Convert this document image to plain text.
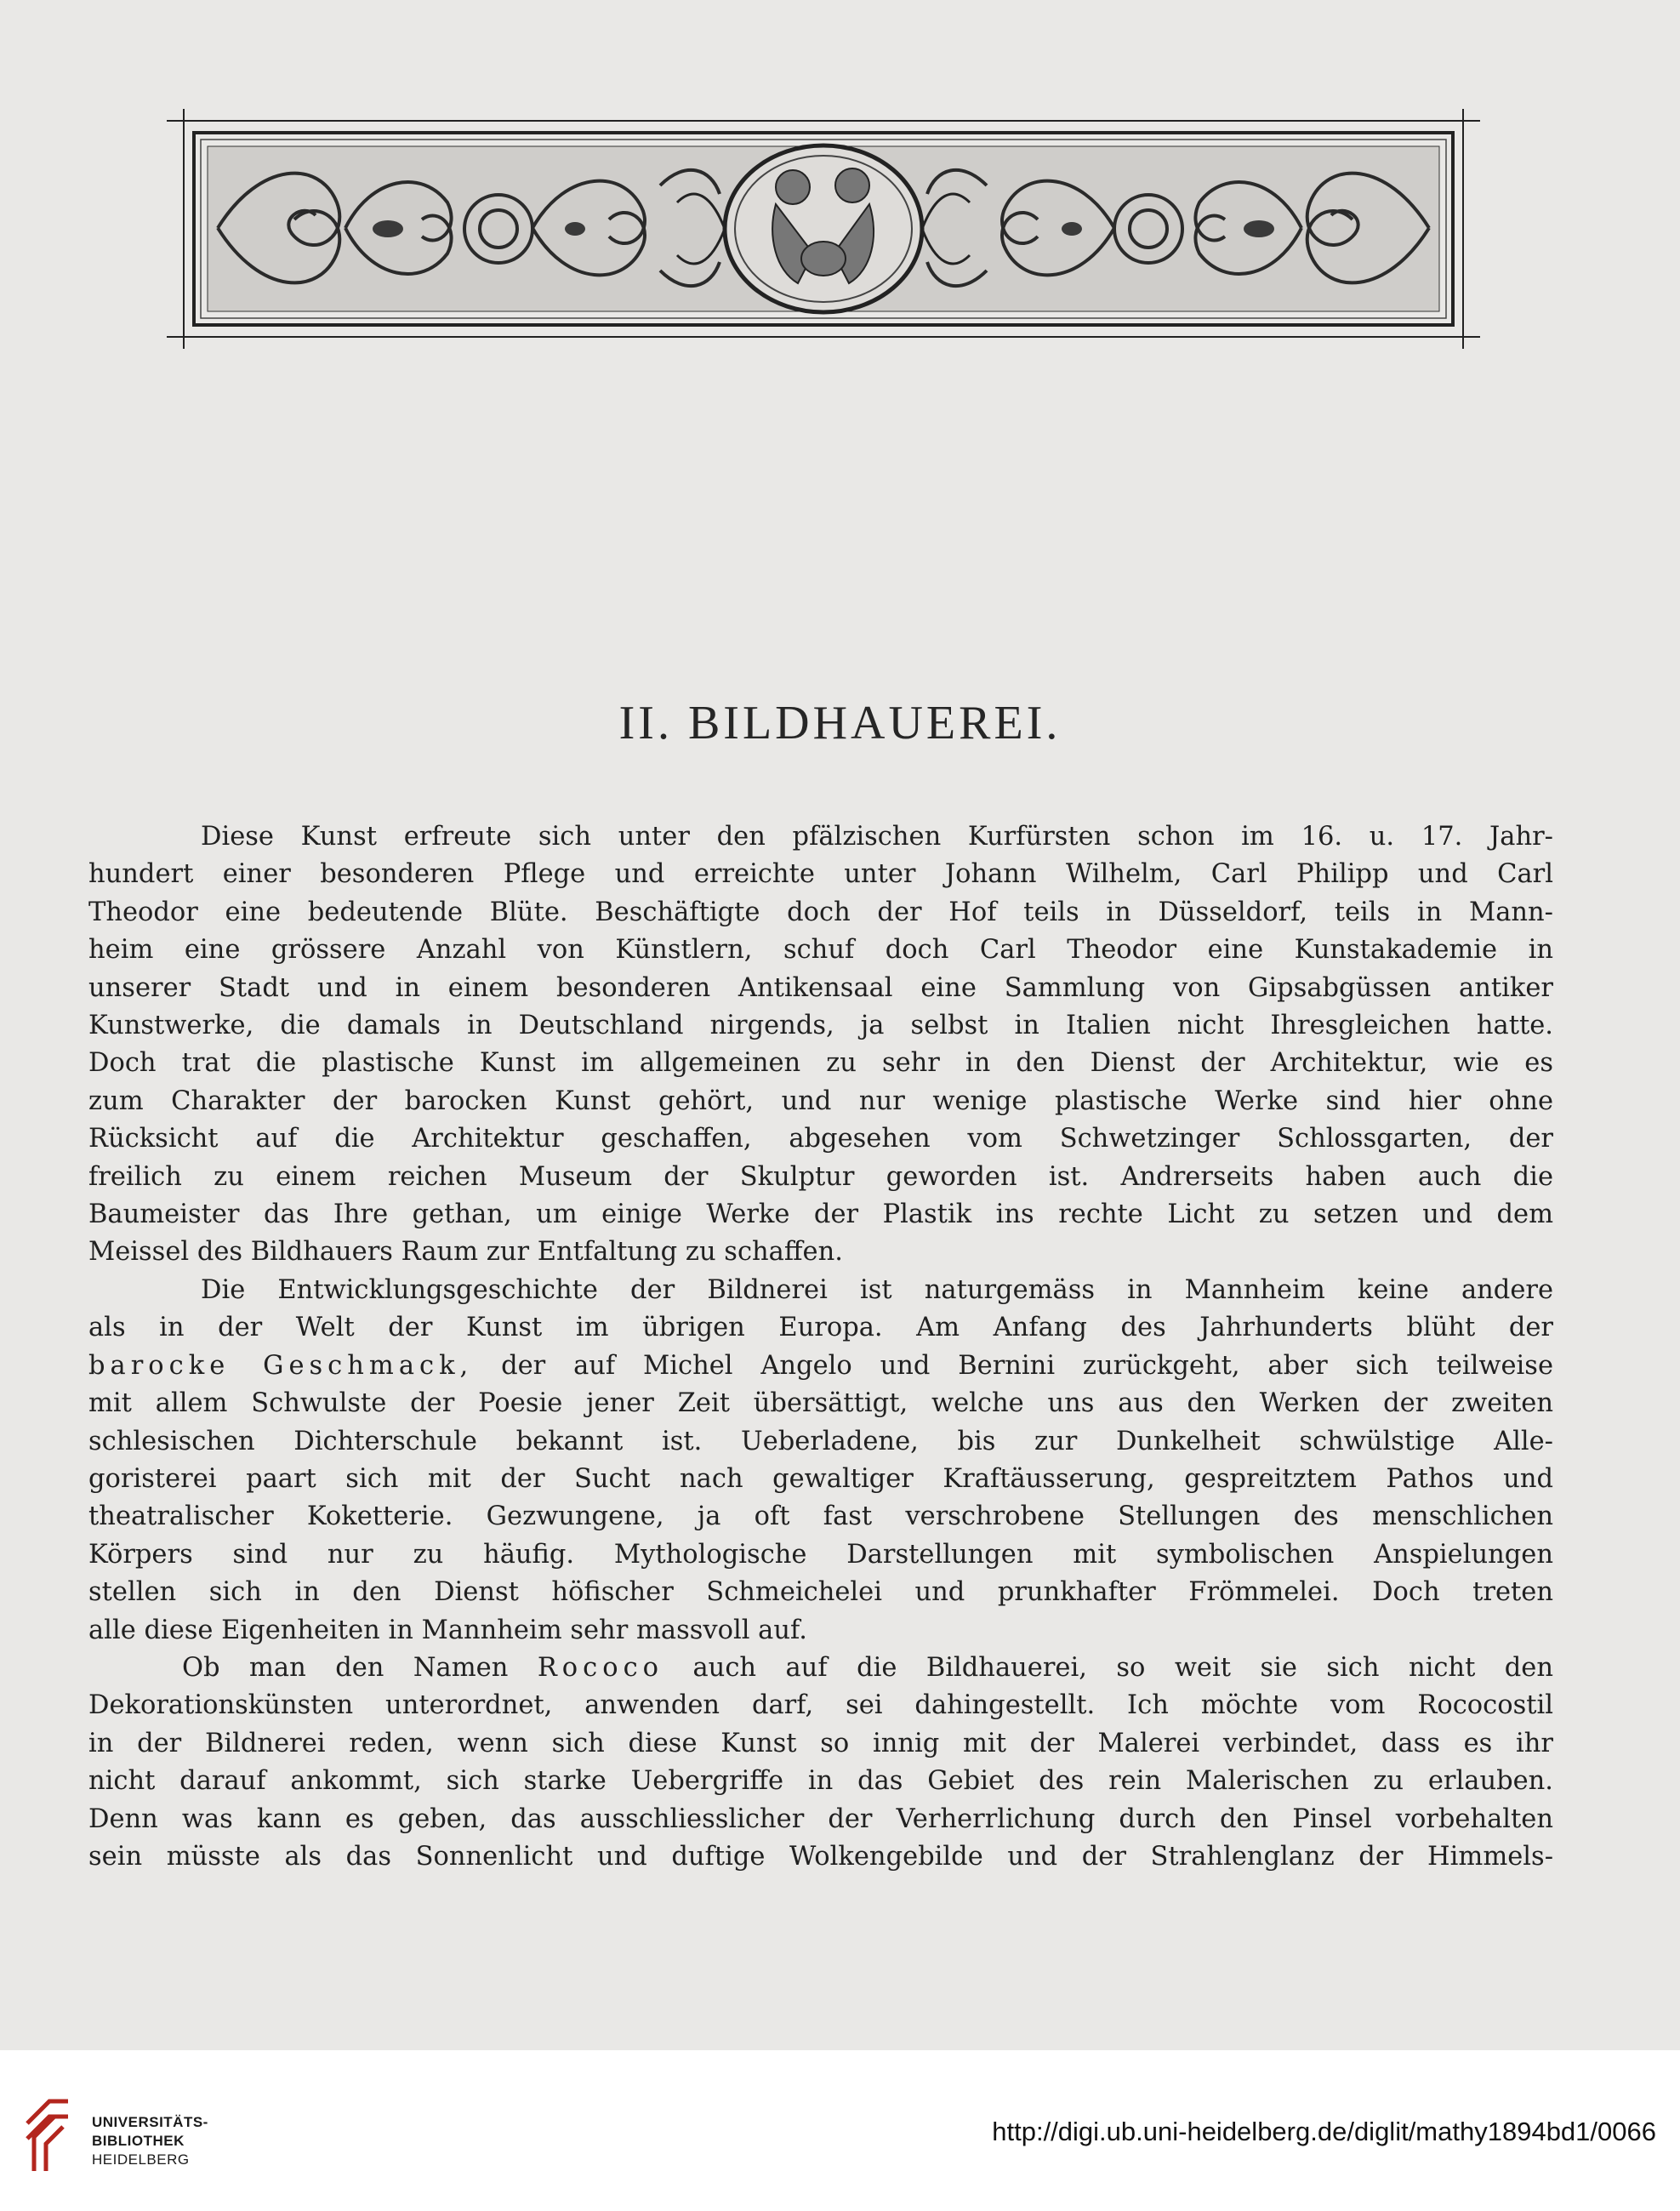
II. BILDHAUEREI.
Diese Kunst erfreute sich unter den pfälzischen Kurfürsten schon im 16. u. 17. Jahr-
hundert einer besonderen Pflege und erreichte unter Johann Wilhelm, Carl Philipp und Carl
Theodor eine bedeutende Blüte. Beschäftigte doch der Hof teils in Düsseldorf, teils in Mann-
heim eine grössere Anzahl von Künstlern, schuf doch Carl Theodor eine Kunstakademie in
unserer Stadt und in einem besonderen Antikensaal eine Sammlung von Gipsabgüssen antiker
Kunstwerke, die damals in Deutschland nirgends, ja selbst in Italien nicht Ihresgleichen hatte.
Doch trat die plastische Kunst im allgemeinen zu sehr in den Dienst der Architektur, wie es
zum Charakter der barocken Kunst gehört, und nur wenige plastische Werke sind hier ohne
Rücksicht auf die Architektur geschaffen, abgesehen vom Schwetzinger Schlossgarten, der
freilich zu einem reichen Museum der Skulptur geworden ist. Andrerseits haben auch die
Baumeister das Ihre gethan, um einige Werke der Plastik ins rechte Licht zu setzen und dem
Meissel des Bildhauers Raum zur Entfaltung zu schaffen.
Die Entwicklungsgeschichte der Bildnerei ist naturgemäss in Mannheim keine andere
als in der Welt der Kunst im übrigen Europa. Am Anfang des Jahrhunderts blüht der
barocke Geschmack, der auf Michel Angelo und Bernini zurückgeht, aber sich teilweise
mit allem Schwulste der Poesie jener Zeit übersättigt, welche uns aus den Werken der zweiten
schlesischen Dichterschule bekannt ist. Ueberladene, bis zur Dunkelheit schwülstige Alle-
goristerei paart sich mit der Sucht nach gewaltiger Kraftäusserung, gespreitztem Pathos und
theatralischer Koketterie. Gezwungene, ja oft fast verschrobene Stellungen des menschlichen
Körpers sind nur zu häufig. Mythologische Darstellungen mit symbolischen Anspielungen
stellen sich in den Dienst höfischer Schmeichelei und prunkhafter Frömmelei. Doch treten
alle diese Eigenheiten in Mannheim sehr massvoll auf.
Ob man den Namen Rococo auch auf die Bildhauerei, so weit sie sich nicht den
Dekorationskünsten unterordnet, anwenden darf, sei dahingestellt. Ich möchte vom Rococostil
in der Bildnerei reden, wenn sich diese Kunst so innig mit der Malerei verbindet, dass es ihr
nicht darauf ankommt, sich starke Uebergriffe in das Gebiet des rein Malerischen zu erlauben.
Denn was kann es geben, das ausschliesslicher der Verherrlichung durch den Pinsel vorbehalten
sein müsste als das Sonnenlicht und duftige Wolkengebilde und der Strahlenglanz der Himmels-
UNIVERSITÄTS-
BIBLIOTHEK
HEIDELBERG
http://digi.ub.uni-heidelberg.de/diglit/mathy1894bd1/0066
